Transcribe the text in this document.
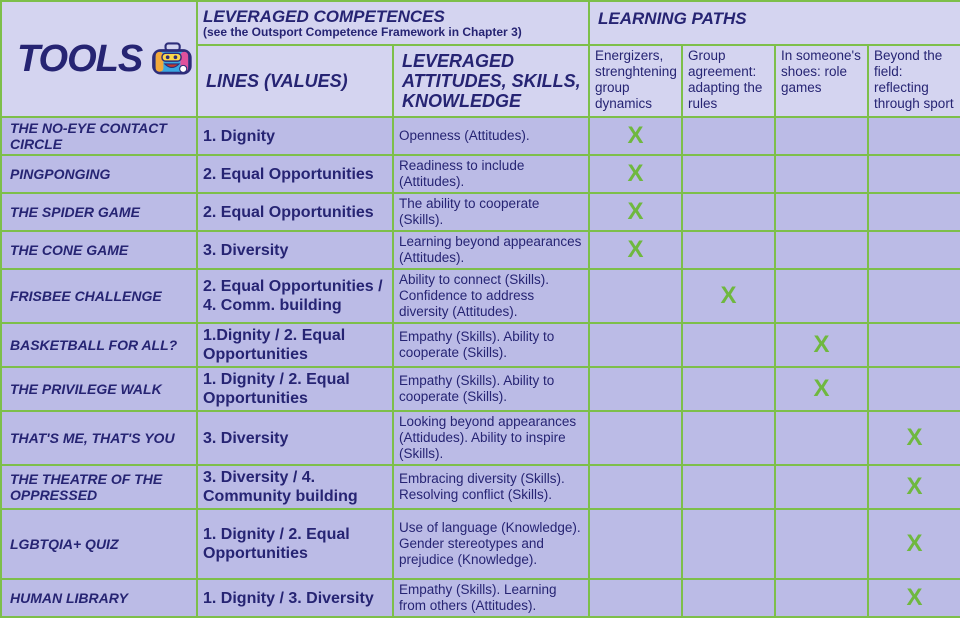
TOOLS	LEVERAGED COMPETENCES
(see the Outsport Competence Framework in Chapter 3)		LEARNING PATHS			

	LINES (VALUES)	LEVERAGED ATTITUDES, SKILLS, KNOWLEDGE	Energizers, strenghtening group dynamics	Group agreement: adapting the rules	In someone's shoes: role games	Beyond the field: reflecting through sport
THE NO-EYE CONTACT CIRCLE	1. Dignity	Openness (Attitudes).	X			
PINGPONGING	2. Equal Opportunities	Readiness to include (Attitudes).	X			
THE SPIDER GAME	2. Equal Opportunities	The ability to cooperate (Skills).	X			
THE CONE GAME	3. Diversity	Learning beyond appearances (Attitudes).	X			
FRISBEE CHALLENGE	2. Equal Opportunities / 4. Comm. building	Ability to connect (Skills). Confidence to address diversity (Attitudes).		X		
BASKETBALL FOR ALL?	1.Dignity / 2. Equal Opportunities	Empathy (Skills). Ability to cooperate (Skills).			X	
THE PRIVILEGE WALK	1. Dignity / 2. Equal Opportunities	Empathy (Skills). Ability to cooperate (Skills).			X	
THAT'S ME, THAT'S YOU	3. Diversity	Looking beyond appearances (Attidudes). Ability to inspire (Skills).				X
THE THEATRE OF THE OPPRESSED	3. Diversity / 4. Community building	Embracing diversity (Skills). Resolving conflict (Skills).				X
LGBTQIA+ QUIZ	1. Dignity / 2. Equal Opportunities	Use of language (Knowledge). Gender stereotypes and prejudice (Knowledge).				X
HUMAN LIBRARY	1. Dignity / 3. Diversity	Empathy (Skills). Learning from others (Attitudes).				X
